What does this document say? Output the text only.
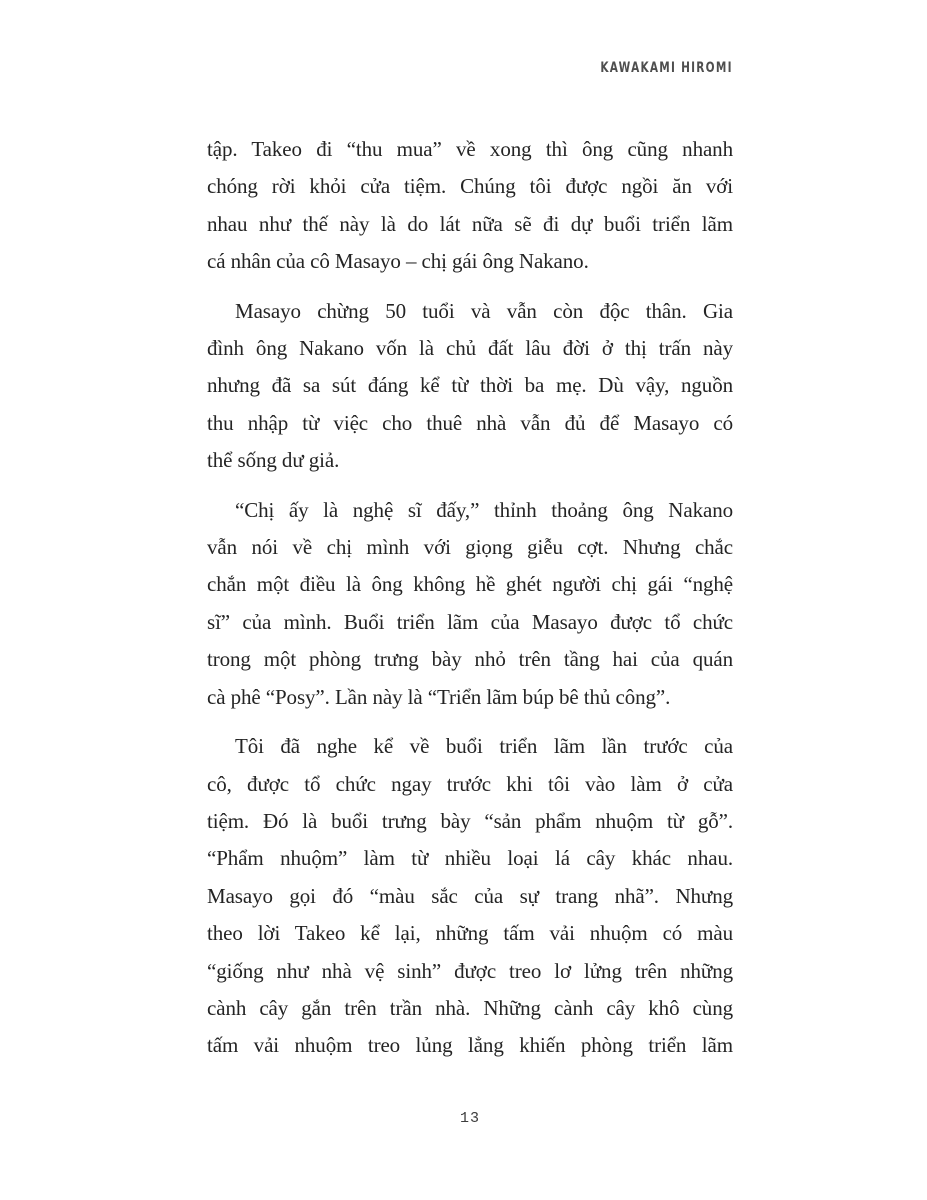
KAWAKAMI HIROMI
tập. Takeo đi “thu mua” về xong thì ông cũng nhanh
chóng rời khỏi cửa tiệm. Chúng tôi được ngồi ăn với
nhau như thế này là do lát nữa sẽ đi dự buổi triển lãm
cá nhân của cô Masayo – chị gái ông Nakano.
Masayo chừng 50 tuổi và vẫn còn độc thân. Gia
đình ông Nakano vốn là chủ đất lâu đời ở thị trấn này
nhưng đã sa sút đáng kể từ thời ba mẹ. Dù vậy, nguồn
thu nhập từ việc cho thuê nhà vẫn đủ để Masayo có
thể sống dư giả.
“Chị ấy là nghệ sĩ đấy,” thỉnh thoảng ông Nakano
vẫn nói về chị mình với giọng giễu cợt. Nhưng chắc
chắn một điều là ông không hề ghét người chị gái “nghệ
sĩ” của mình. Buổi triển lãm của Masayo được tổ chức
trong một phòng trưng bày nhỏ trên tầng hai của quán
cà phê “Posy”. Lần này là “Triển lãm búp bê thủ công”.
Tôi đã nghe kể về buổi triển lãm lần trước của
cô, được tổ chức ngay trước khi tôi vào làm ở cửa
tiệm. Đó là buổi trưng bày “sản phẩm nhuộm từ gỗ”.
“Phẩm nhuộm” làm từ nhiều loại lá cây khác nhau.
Masayo gọi đó “màu sắc của sự trang nhã”. Nhưng
theo lời Takeo kể lại, những tấm vải nhuộm có màu
“giống như nhà vệ sinh” được treo lơ lửng trên những
cành cây gắn trên trần nhà. Những cành cây khô cùng
tấm vải nhuộm treo lủng lẳng khiến phòng triển lãm
13
